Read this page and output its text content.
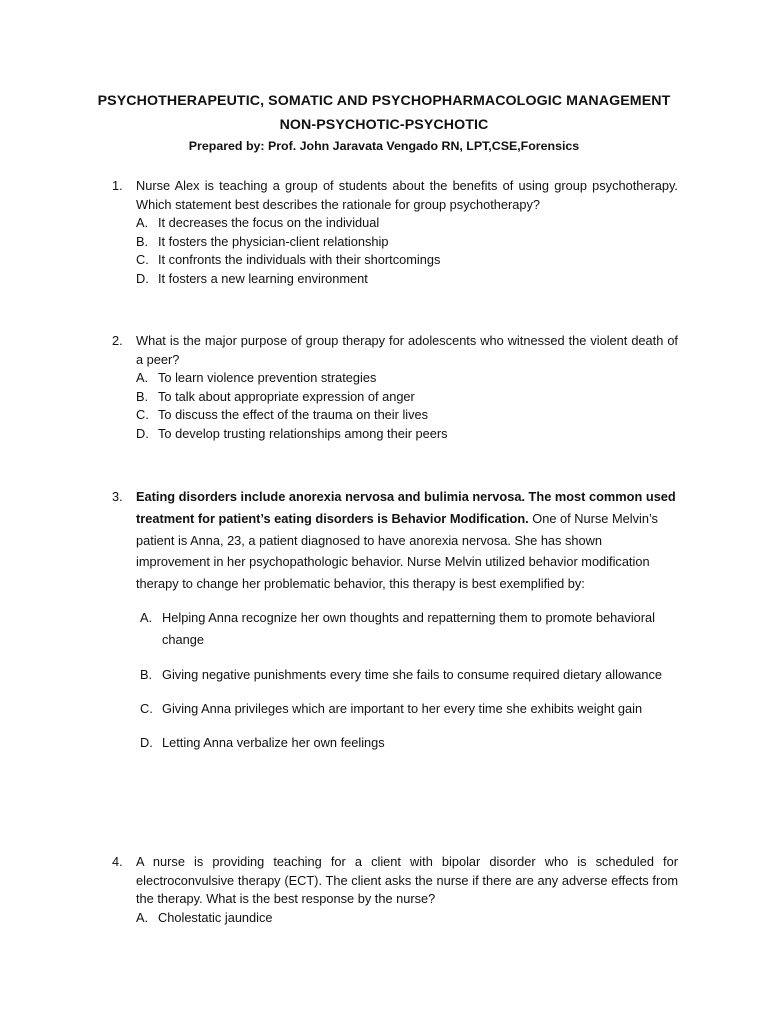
PSYCHOTHERAPEUTIC, SOMATIC AND PSYCHOPHARMACOLOGIC MANAGEMENT
NON-PSYCHOTIC-PSYCHOTIC
Prepared by: Prof. John Jaravata Vengado RN, LPT,CSE,Forensics
1.	Nurse Alex is teaching a group of students about the benefits of using group psychotherapy. Which statement best describes the rationale for group psychotherapy?
A. It decreases the focus on the individual
B. It fosters the physician-client relationship
C. It confronts the individuals with their shortcomings
D. It fosters a new learning environment
2.	What is the major purpose of group therapy for adolescents who witnessed the violent death of a peer?
A. To learn violence prevention strategies
B. To talk about appropriate expression of anger
C. To discuss the effect of the trauma on their lives
D. To develop trusting relationships among their peers
3.	Eating disorders include anorexia nervosa and bulimia nervosa. The most common used treatment for patient’s eating disorders is Behavior Modification. One of Nurse Melvin’s patient is Anna, 23, a patient diagnosed to have anorexia nervosa. She has shown improvement in her psychopathologic behavior. Nurse Melvin utilized behavior modification therapy to change her problematic behavior, this therapy is best exemplified by:
A. Helping Anna recognize her own thoughts and repatterning them to promote behavioral change
B. Giving negative punishments every time she fails to consume required dietary allowance
C. Giving Anna privileges which are important to her every time she exhibits weight gain
D. Letting Anna verbalize her own feelings
4.	A nurse is providing teaching for a client with bipolar disorder who is scheduled for electroconvulsive therapy (ECT). The client asks the nurse if there are any adverse effects from the therapy. What is the best response by the nurse?
A. Cholestatic jaundice
